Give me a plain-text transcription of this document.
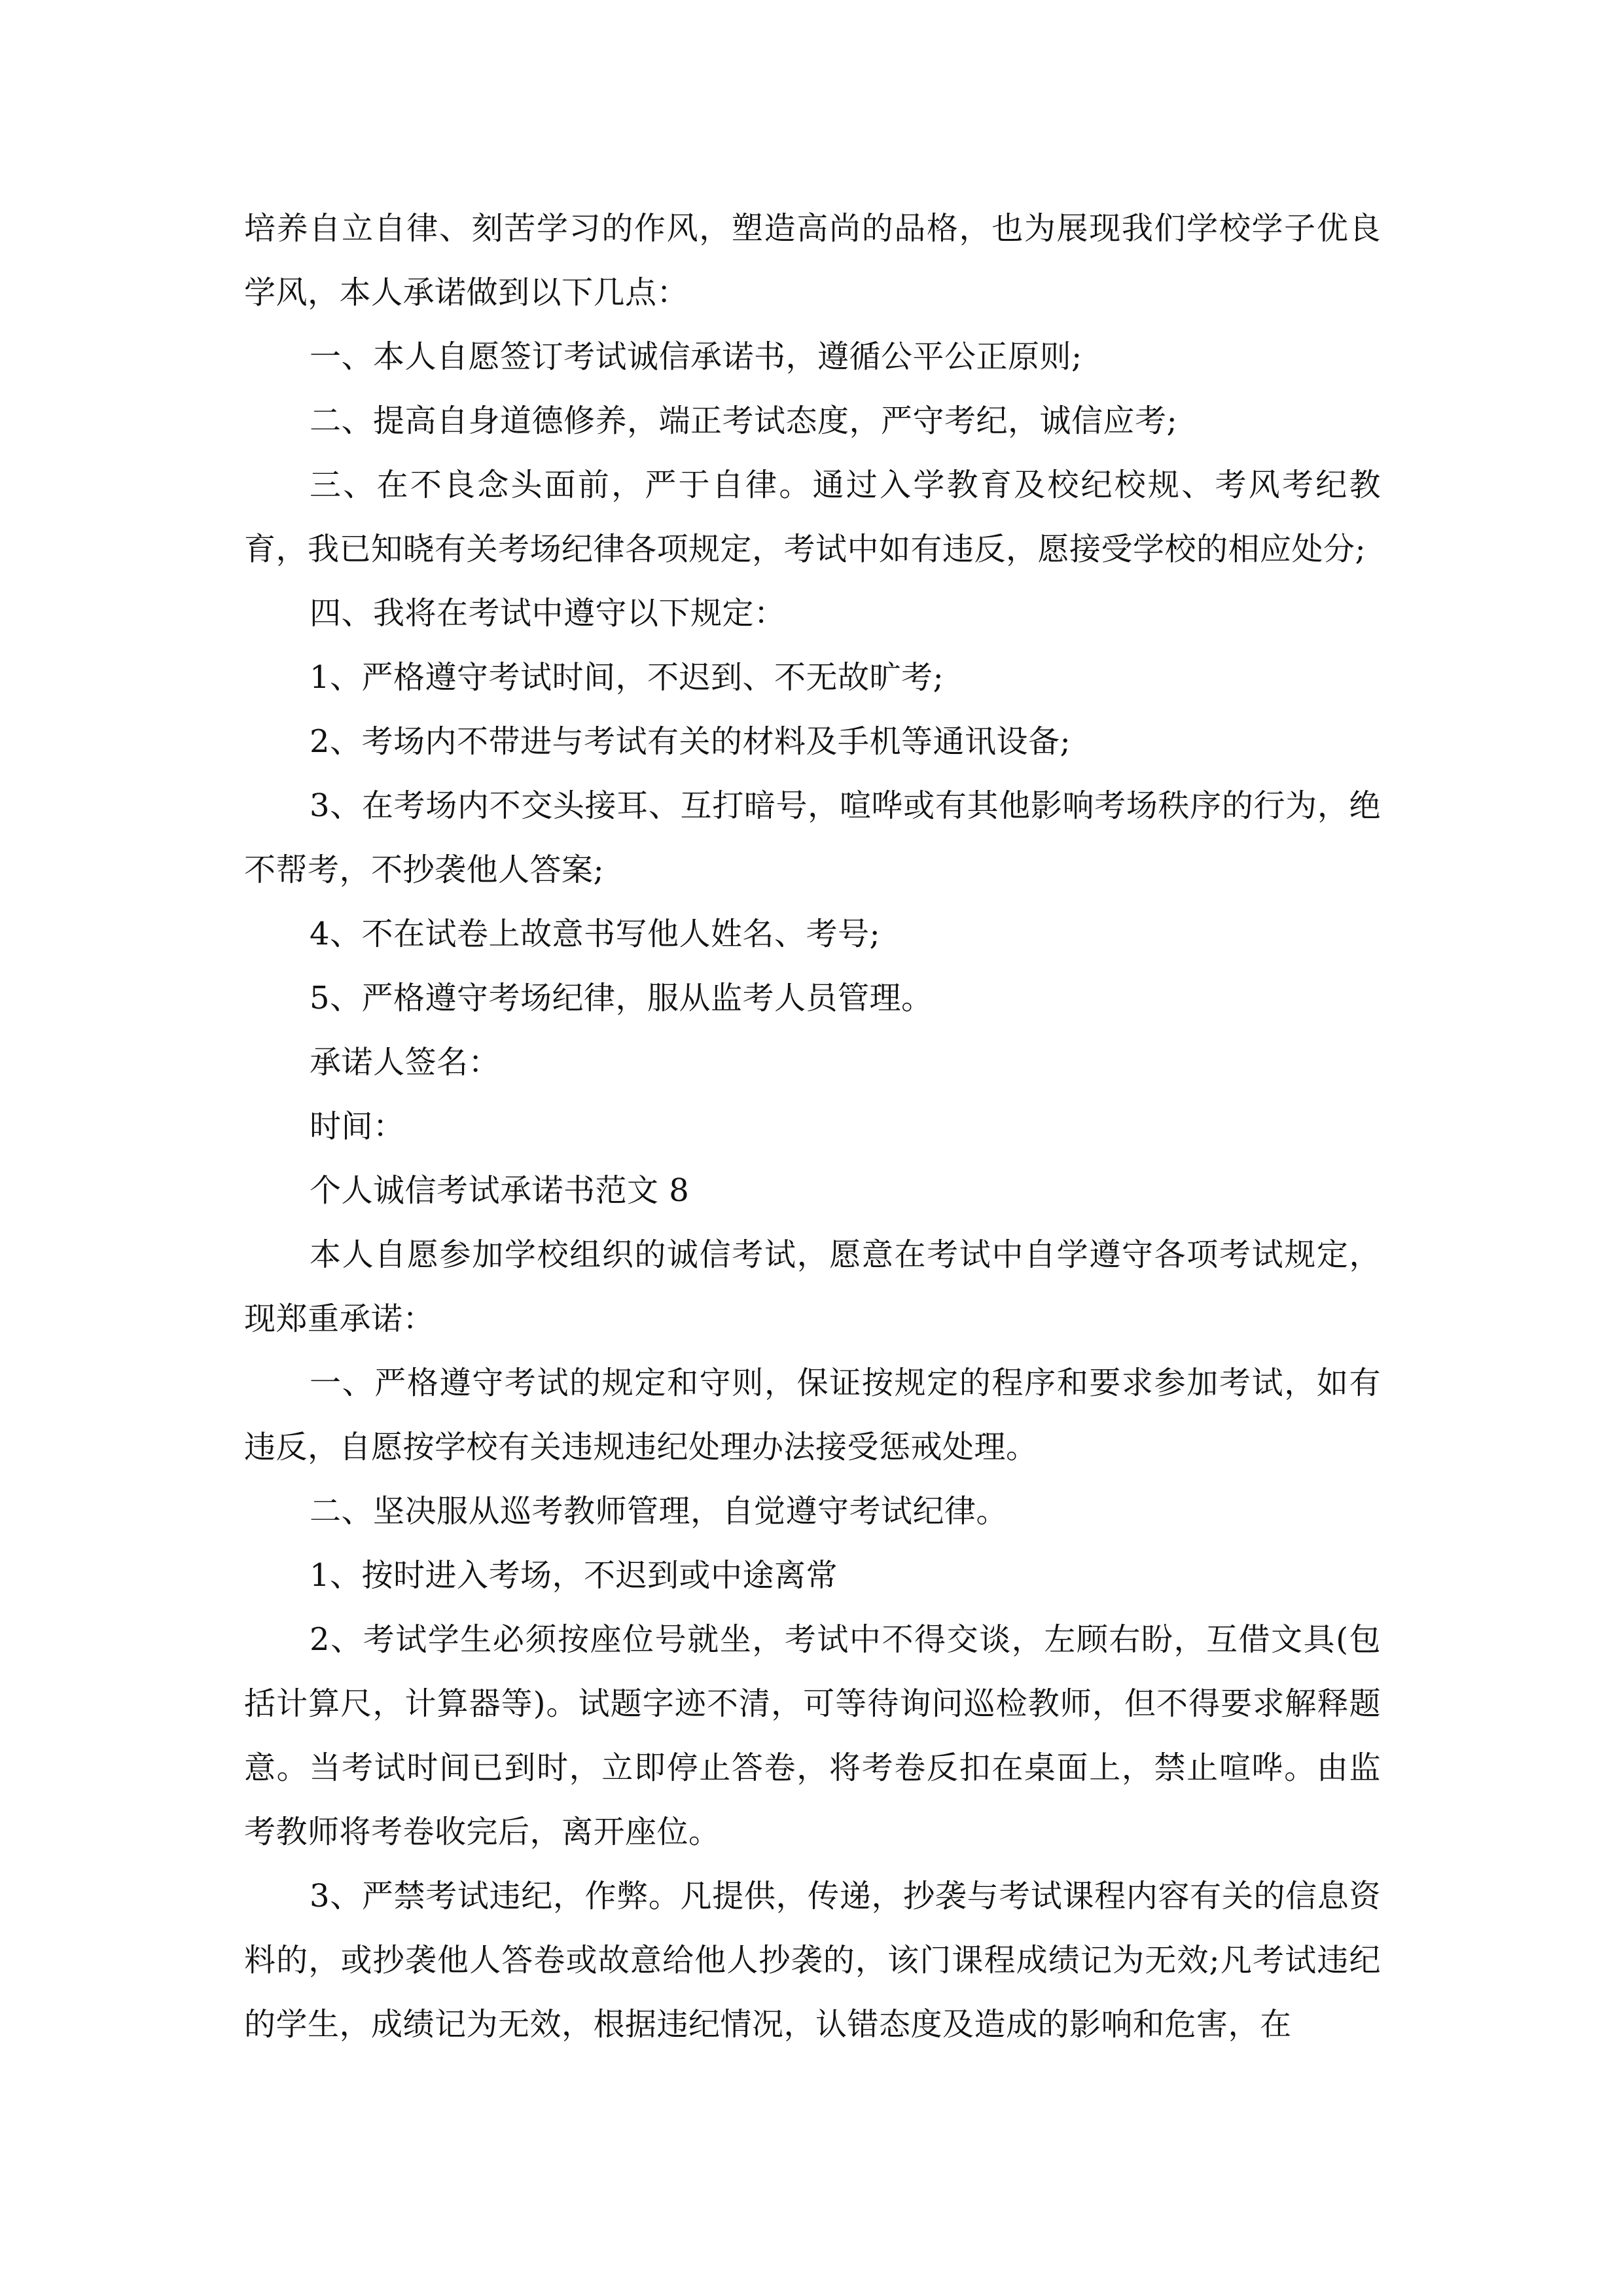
培养自立自律、刻苦学习的作风，塑造高尚的品格，也为展现我们学校学子优良学风，本人承诺做到以下几点：

一、本人自愿签订考试诚信承诺书，遵循公平公正原则;

二、提高自身道德修养，端正考试态度，严守考纪，诚信应考;

三、在不良念头面前，严于自律。通过入学教育及校纪校规、考风考纪教育，我已知晓有关考场纪律各项规定，考试中如有违反，愿接受学校的相应处分;

四、我将在考试中遵守以下规定：

1、严格遵守考试时间，不迟到、不无故旷考;

2、考场内不带进与考试有关的材料及手机等通讯设备;

3、在考场内不交头接耳、互打暗号，喧哗或有其他影响考场秩序的行为，绝不帮考，不抄袭他人答案;

4、不在试卷上故意书写他人姓名、考号;

5、严格遵守考场纪律，服从监考人员管理。

承诺人签名：

时间：

个人诚信考试承诺书范文 8

本人自愿参加学校组织的诚信考试，愿意在考试中自学遵守各项考试规定，现郑重承诺：

一、严格遵守考试的规定和守则，保证按规定的程序和要求参加考试，如有违反，自愿按学校有关违规违纪处理办法接受惩戒处理。

二、坚决服从巡考教师管理，自觉遵守考试纪律。

1、按时进入考场，不迟到或中途离常

2、考试学生必须按座位号就坐，考试中不得交谈，左顾右盼，互借文具(包括计算尺，计算器等)。试题字迹不清，可等待询问巡检教师，但不得要求解释题意。当考试时间已到时，立即停止答卷，将考卷反扣在桌面上，禁止喧哗。由监考教师将考卷收完后，离开座位。

3、严禁考试违纪，作弊。凡提供，传递，抄袭与考试课程内容有关的信息资料的，或抄袭他人答卷或故意给他人抄袭的，该门课程成绩记为无效;凡考试违纪的学生，成绩记为无效，根据违纪情况，认错态度及造成的影响和危害，在
